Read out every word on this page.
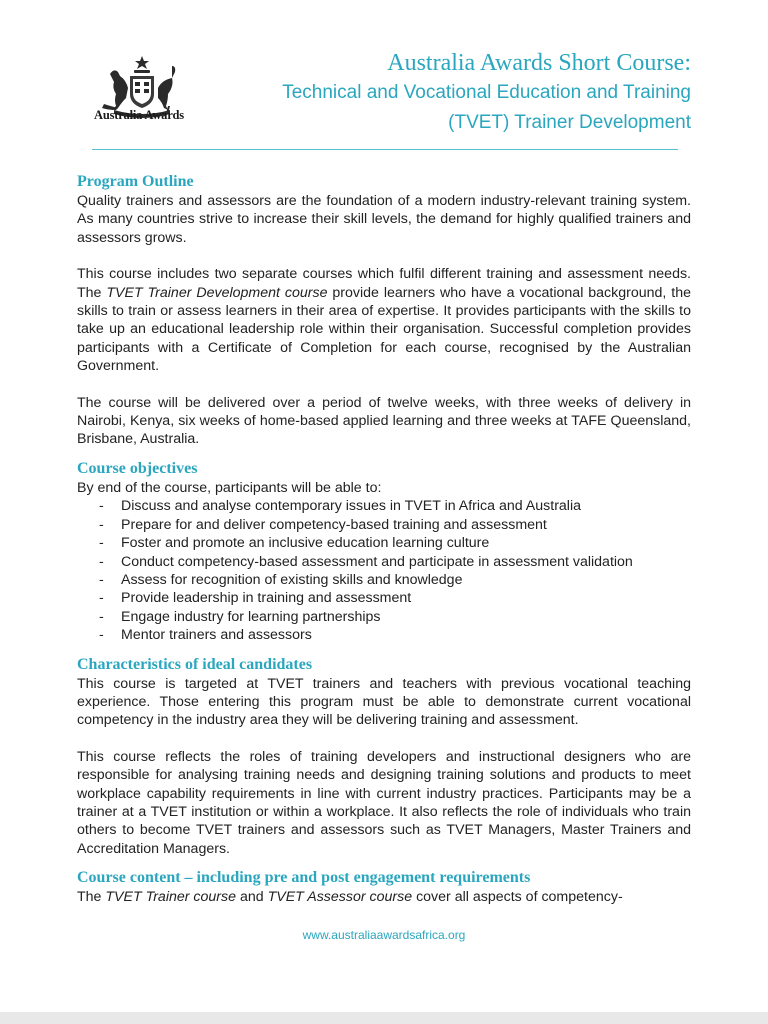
Australia Awards
Australia Awards Short Course:
Technical and Vocational Education and Training
(TVET) Trainer Development
Program Outline

Quality trainers and assessors are the foundation of a modern industry-relevant training system. As many countries strive to increase their skill levels, the demand for highly qualified trainers and assessors grows.

This course includes two separate courses which fulfil different training and assessment needs. The TVET Trainer Development course provide learners who have a vocational background, the skills to train or assess learners in their area of expertise. It provides participants with the skills to take up an educational leadership role within their organisation. Successful completion provides participants with a Certificate of Completion for each course, recognised by the Australian Government.

The course will be delivered over a period of twelve weeks, with three weeks of delivery in Nairobi, Kenya, six weeks of home-based applied learning and three weeks at TAFE Queensland, Brisbane, Australia.

Course objectives

By end of the course, participants will be able to:

- Discuss and analyse contemporary issues in TVET in Africa and Australia
- Prepare for and deliver competency-based training and assessment
- Foster and promote an inclusive education learning culture
- Conduct competency-based assessment and participate in assessment validation
- Assess for recognition of existing skills and knowledge
- Provide leadership in training and assessment
- Engage industry for learning partnerships
- Mentor trainers and assessors
Characteristics of ideal candidates

This course is targeted at TVET trainers and teachers with previous vocational teaching experience. Those entering this program must be able to demonstrate current vocational competency in the industry area they will be delivering training and assessment.

This course reflects the roles of training developers and instructional designers who are responsible for analysing training needs and designing training solutions and products to meet workplace capability requirements in line with current industry practices. Participants may be a trainer at a TVET institution or within a workplace. It also reflects the role of individuals who train others to become TVET trainers and assessors such as TVET Managers, Master Trainers and Accreditation Managers.

Course content – including pre and post engagement requirements

The TVET Trainer course and TVET Assessor course cover all aspects of competency-

www.australiaawardsafrica.org
